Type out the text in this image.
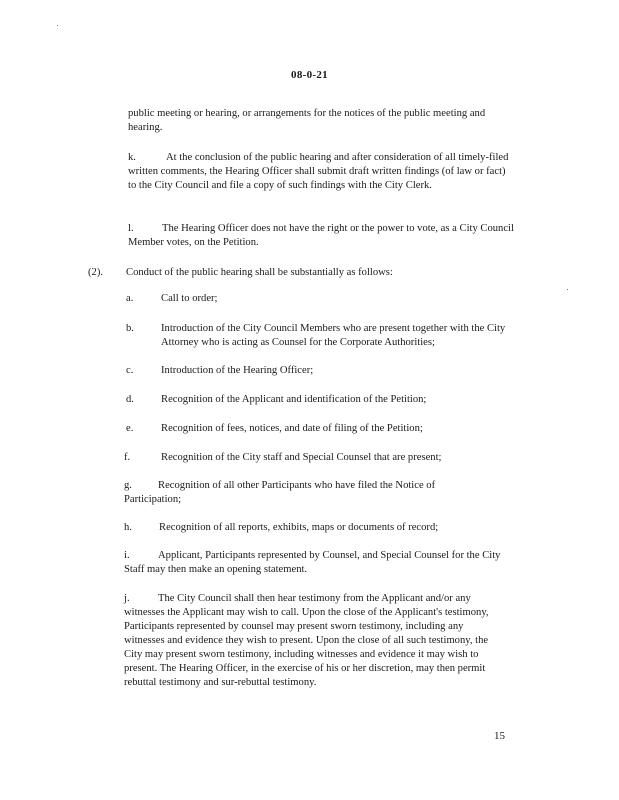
08-0-21
public meeting or hearing, or arrangements for the notices of the public meeting and hearing.
k.	At the conclusion of the public hearing and after consideration of all timely-filed written comments, the Hearing Officer shall submit draft written findings (of law or fact) to the City Council and file a copy of such findings with the City Clerk.
l.	The Hearing Officer does not have the right or the power to vote, as a City Council Member votes, on the Petition.
(2). Conduct of the public hearing shall be substantially as follows:
a.	Call to order;
b.	Introduction of the City Council Members who are present together with the City Attorney who is acting as Counsel for the Corporate Authorities;
c.	Introduction of the Hearing Officer;
d.	Recognition of the Applicant and identification of the Petition;
e.	Recognition of fees, notices, and date of filing of the Petition;
f.	Recognition of the City staff and Special Counsel that are present;
g. Recognition of all other Participants who have filed the Notice of Participation;
h.	Recognition of all reports, exhibits, maps or documents of record;
i.	Applicant, Participants represented by Counsel, and Special Counsel for the City Staff may then make an opening statement.
j.	The City Council shall then hear testimony from the Applicant and/or any witnesses the Applicant may wish to call. Upon the close of the Applicant's testimony, Participants represented by counsel may present sworn testimony, including any witnesses and evidence they wish to present. Upon the close of all such testimony, the City may present sworn testimony, including witnesses and evidence it may wish to present. The Hearing Officer, in the exercise of his or her discretion, may then permit rebuttal testimony and sur-rebuttal testimony.
15
